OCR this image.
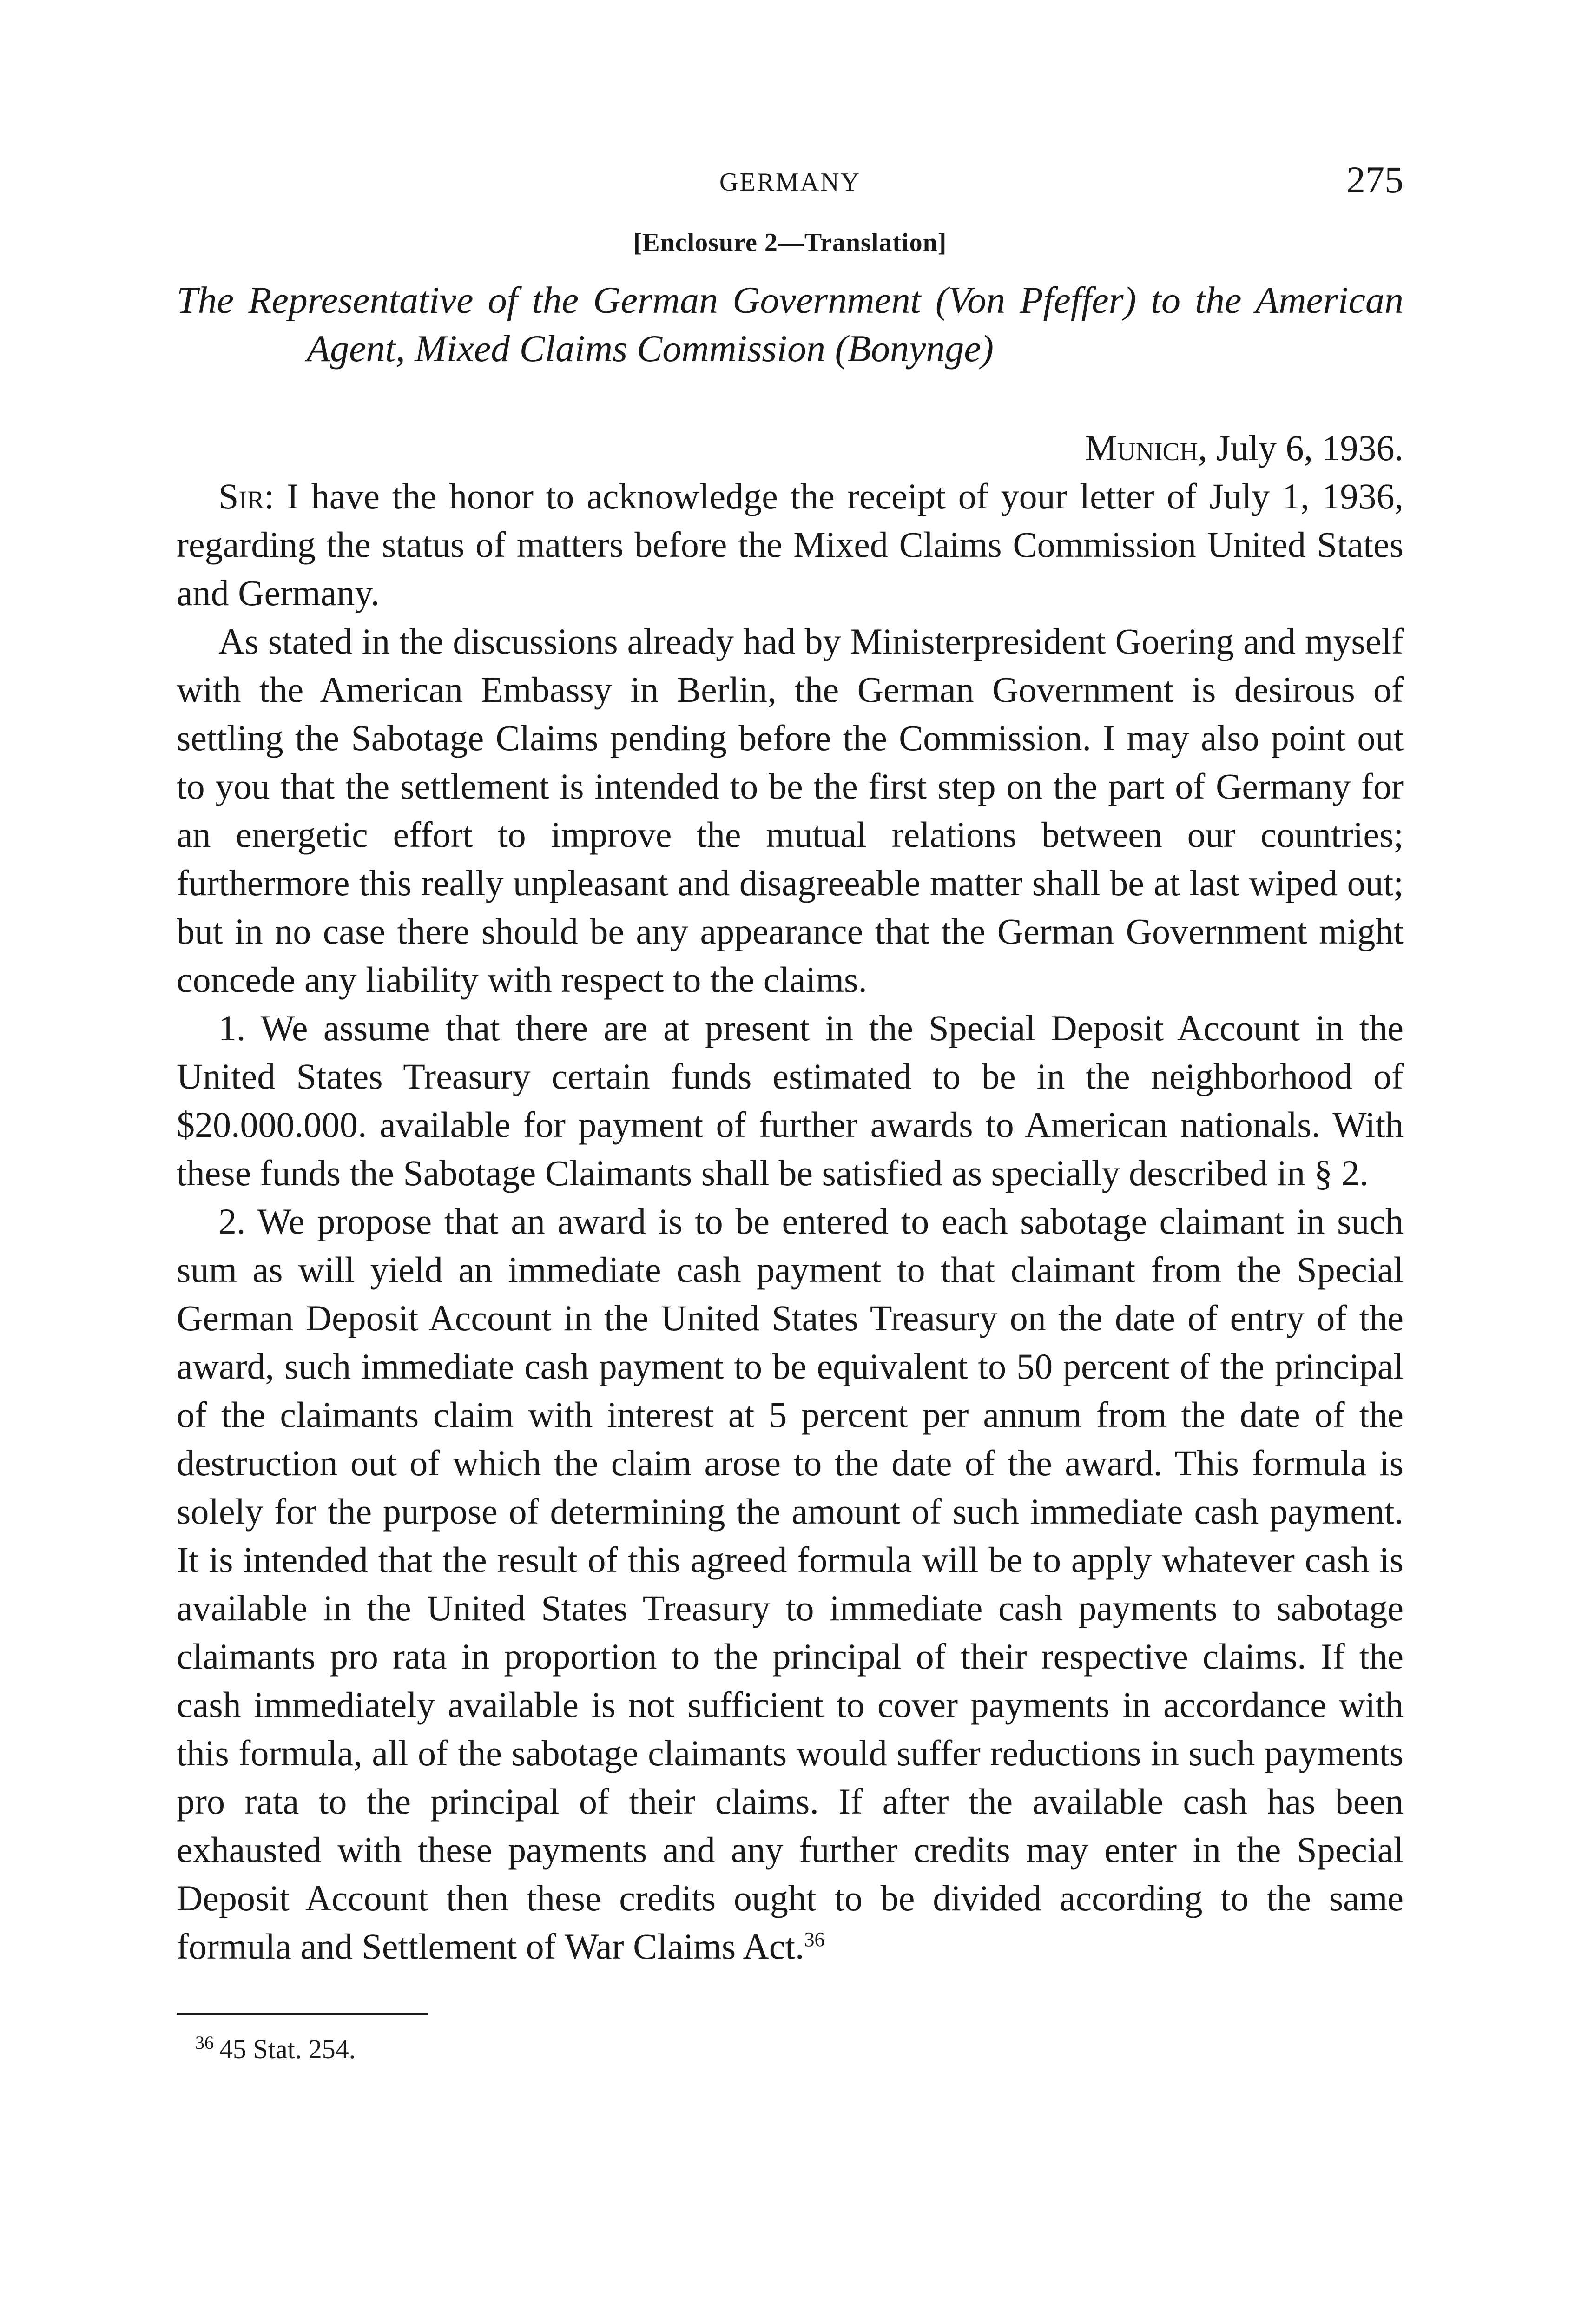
GERMANY	275
[Enclosure 2—Translation]
The Representative of the German Government (Von Pfeffer) to the American Agent, Mixed Claims Commission (Bonynge)
Munich, July 6, 1936.

Sir: I have the honor to acknowledge the receipt of your letter of July 1, 1936, regarding the status of matters before the Mixed Claims Commission United States and Germany.

As stated in the discussions already had by Ministerpresident Goering and myself with the American Embassy in Berlin, the German Government is desirous of settling the Sabotage Claims pending before the Commission. I may also point out to you that the settlement is intended to be the first step on the part of Germany for an energetic effort to improve the mutual relations between our countries; furthermore this really unpleasant and disagreeable matter shall be at last wiped out; but in no case there should be any appearance that the German Government might concede any liability with respect to the claims.

1. We assume that there are at present in the Special Deposit Account in the United States Treasury certain funds estimated to be in the neighborhood of $20.000.000. available for payment of further awards to American nationals. With these funds the Sabotage Claimants shall be satisfied as specially described in § 2.

2. We propose that an award is to be entered to each sabotage claimant in such sum as will yield an immediate cash payment to that claimant from the Special German Deposit Account in the United States Treasury on the date of entry of the award, such immediate cash payment to be equivalent to 50 percent of the principal of the claimants claim with interest at 5 percent per annum from the date of the destruction out of which the claim arose to the date of the award. This formula is solely for the purpose of determining the amount of such immediate cash payment. It is intended that the result of this agreed formula will be to apply whatever cash is available in the United States Treasury to immediate cash payments to sabotage claimants pro rata in proportion to the principal of their respective claims. If the cash immediately available is not sufficient to cover payments in accordance with this formula, all of the sabotage claimants would suffer reductions in such payments pro rata to the principal of their claims. If after the available cash has been exhausted with these payments and any further credits may enter in the Special Deposit Account then these credits ought to be divided according to the same formula and Settlement of War Claims Act.$^{36}$

$^{36}$ 45 Stat. 254.
